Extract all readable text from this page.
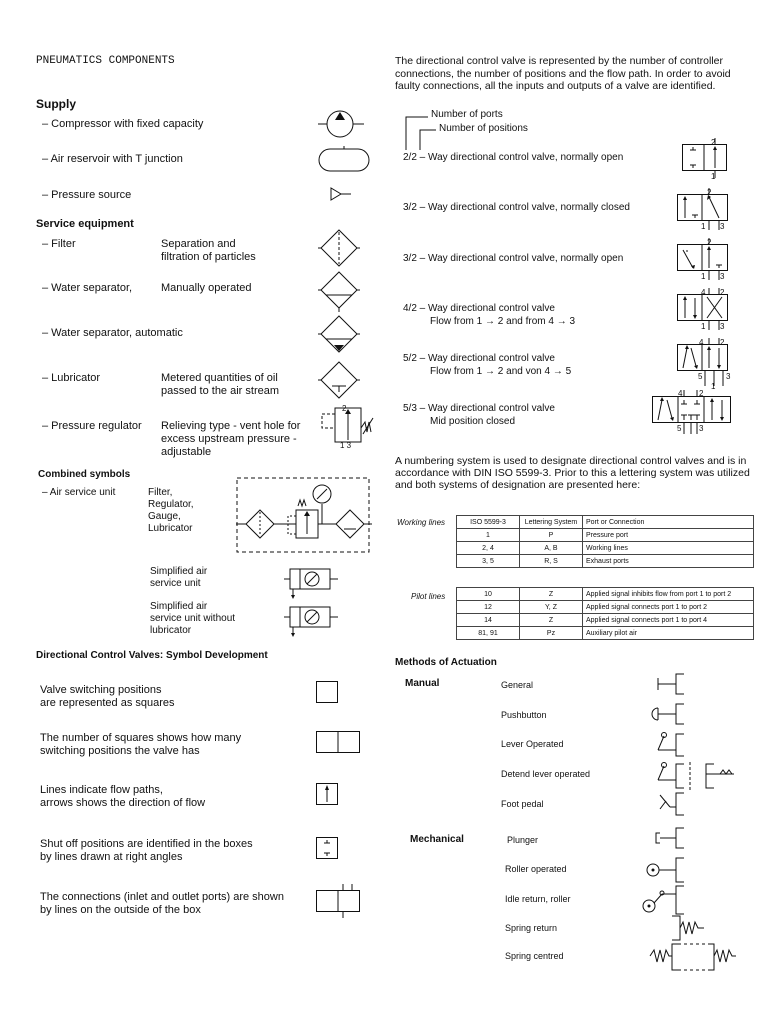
PNEUMATICS COMPONENTS
Supply
– Compressor with fixed capacity
– Air reservoir with T junction
– Pressure source
Service equipment
– Filter	Separation and
filtration of particles
– Water separator,	Manually operated
– Water separator, automatic
– Lubricator	Metered quantities of oil
passed to the air stream
– Pressure regulator Relieving type - vent hole for
excess upstream pressure -
adjustable
2
1 3
Combined symbols
– Air service unit	Filter,
Regulator,
Gauge,
Lubricator
Simplified air
service unit
Simplified air
service unit without
lubricator
Directional Control Valves: Symbol Development
Valve switching positions
are represented as squares
The number of squares shows how many
switching positions the valve has
Lines indicate flow paths,
arrows shows the direction of flow
Shut off positions are identified in the boxes
by lines drawn at right angles
The connections (inlet and outlet ports) are shown
by lines on the outside of the box
The directional control valve is represented by the number of controller
connections, the number of positions and the flow path. In order to avoid
faulty connections, all the inputs and outputs of a valve are identified.
Number of ports
Number of positions
2/2 – Way directional control valve, normally open
2
1
3/2 – Way directional control valve, normally closed
2
1 3
3/2 – Way directional control valve, normally open
2
1 3
4/2 – Way directional control valve
Flow from 1 → 2 and from 4 → 3
4 2
1 3
5/2 – Way directional control valve
Flow from 1 → 2 and von 4 → 5
4 2
5	3
1
5/3 – Way directional control valve
Mid position closed
4 2
5 3
A numbering system is used to designate directional control valves and is in
accordance with DIN ISO 5599-3. Prior to this a lettering system was utilized
and both systems of designation are presented here:
Working lines	ISO 5599-3	Lettering System	Port or Connection
1	P	Pressure port
2, 4	A, B	Working lines
3, 5	R, S	Exhaust ports
Pilot lines	10	Z	Applied signal inhibits flow from port 1 to port 2
12	Y, Z	Applied signal connects port 1 to port 2
14	Z	Applied signal connects port 1 to port 4
81, 91	Pz	Auxiliary pilot air
Methods of Actuation
Manual	General
Pushbutton
Lever Operated
Detend lever operated
Foot pedal
Mechanical	Plunger
Roller operated
Idle return, roller
Spring return
Spring centred
